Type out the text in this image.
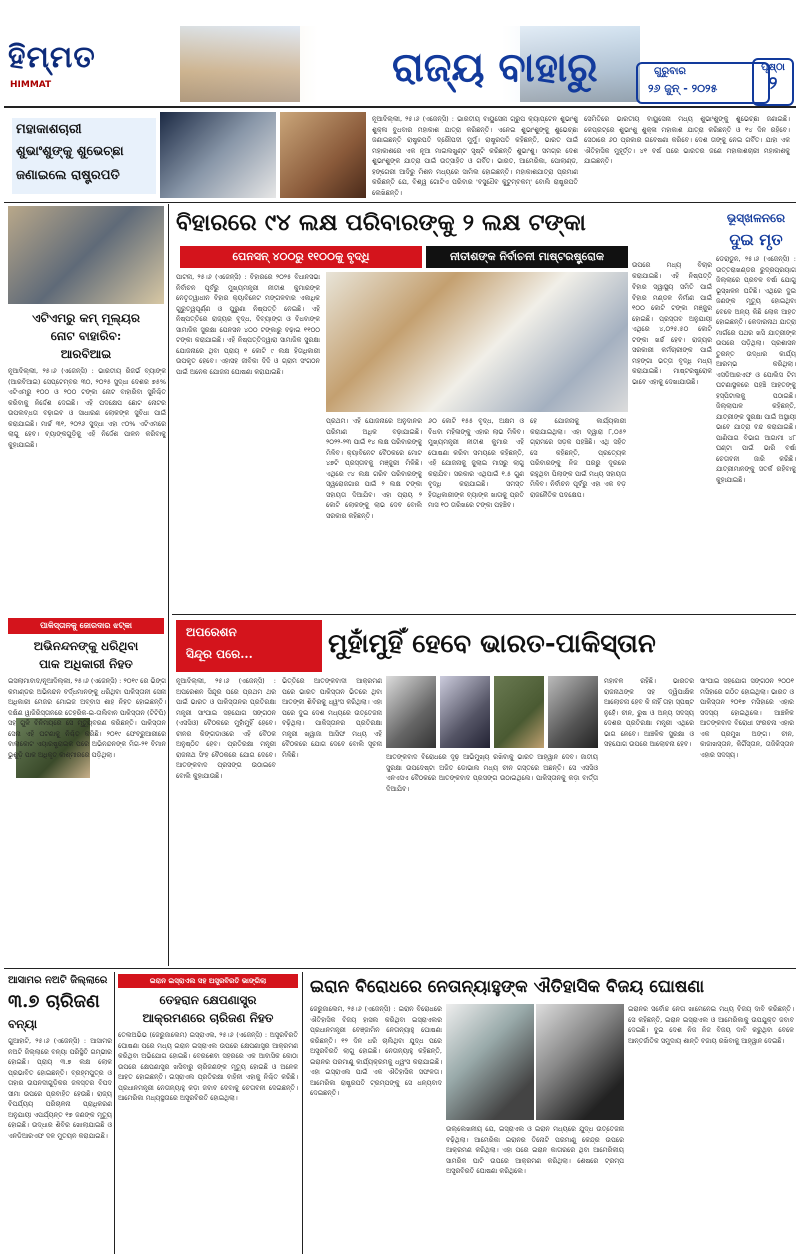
ହିମ୍ମତ
HIMMAT	ରାଜ୍ୟ ବାହାରୁ	ଗୁରୁବାର
୨୬ ଜୁନ୍ - ୨୦୨୫
ପୃଷ୍ଠା
୨
ମହାକାଶଚାରୀ
ଶୁଭାଂଶୁଙ୍କୁ ଶୁଭେଚ୍ଛା
ଜଣାଇଲେ ରାଷ୍ଟ୍ରପତି
ନୂଆଦିଲ୍ଲୀ, ୨୫।୬ (ଏଜେନ୍ସି) : ଭାରତୀୟ ବାୟୁସେନା ଗ୍ରୁପ କ୍ୟାପ୍ଟେନ ଶୁଭାଂଶୁ ଶୁକ୍ଳା ବୁଧବାର ମହାକାଶ ଯାତ୍ରା କରିଛନ୍ତି। ଏନେଇ ଶୁଭାଂଶୁଙ୍କୁ ଶୁଭେଚ୍ଛା ଜଣାଇଛନ୍ତି ରାଷ୍ଟ୍ରପତି ଦ୍ରୌପଦୀ ମୁର୍ମୁ। ରାଷ୍ଟ୍ରପତି କହିଛନ୍ତି, ଭାରତ ପାଇଁ ମହାକାଶରେ ଏକ ନୂଆ ମାଇଲଖୁଣ୍ଟ ସୃଷ୍ଟି କରିଛନ୍ତି ଶୁଭାଂଶୁ। ସମଗ୍ର ଦେଶ ଶୁଭାଂଶୁଙ୍କ ଯାତ୍ରା ପାଇଁ ଉତ୍ସାହିତ ଓ ଗର୍ବିତ। ଭାରତ, ଆମେରିକା, ପୋଲାଣ୍ଡ, ହଙ୍ଗେରୀ ଆଦିରୁ ମିଶନ ମଧ୍ୟରେ ସାମିଲ ହୋଇଛନ୍ତି। ମହାକାଶଯାତ୍ରା ପ୍ରମାଣ କରିଛନ୍ତି ଯେ, ବିଶ୍ୱ ଗୋଟିଏ ପରିବାର 'ବସୁଧୈବ କୁଟୁମ୍ବକମ୍' ବୋଲି ରାଷ୍ଟ୍ରପତି ଲେଖିଛନ୍ତି।
ସେମିତିରେ ଭାରତୀୟ ବାୟୁସେନା ମଧ୍ୟ ଶୁଭାଂଶୁଙ୍କୁ ଶୁଭେଚ୍ଛା ଜଣାଇଛି। କେପ୍ରଟ୍ରେ ଶୁଭାଂଶୁ ଶୁକ୍ଳା ମହାକାଶ ଯାତ୍ରା କରିଛନ୍ତି ଓ ୧୪ ଦିନ ରହିବେ। ସେଠାରେ ୬୦ ପ୍ରକାର ଗବେଷଣା କରିବେ। ଦେଶ ତାଙ୍କୁ ନେଇ ଗର୍ବିତ। ଯାହା ଏକ ଐତିହାସିକ ମୁହୂର୍ତ୍ତ। ୪୧ ବର୍ଷ ପରେ ଭାରତର ଜଣେ ମହାକାଶଚାରୀ ମହାକାଶକୁ ଯାଇଛନ୍ତି।
ଏଟିଏମରୁ କମ୍ ମୂଲ୍ୟର
ନୋଟ ବାହାରିବ:
ଆରବିଆଇ
ନୂଆଦିଲ୍ଲୀ, ୨୫।୬ (ଏଜେନ୍ସି) : ଭାରତୀୟ ରିଜର୍ଭ ବ୍ୟାଙ୍କ (ଆରବିଆଇ) ସେପ୍ଟେମ୍ବର ୩୦, ୨୦୨୫ ସୁଦ୍ଧା ଦେଶର ୭୫% ଏଟିଏମରୁ ୧୦୦ ଓ ୨୦୦ ଟଙ୍କା ନୋଟ ବାହାରିବା ସୁନିଶ୍ଚିତ କରିବାକୁ ନିର୍ଦ୍ଦେଶ ଦେଇଛି। ଏହି ପଦକ୍ଷେପ ଛୋଟ ନୋଟର ଉପଲବ୍ଧତା ବଢ଼ାଇବ ଓ ସାଧାରଣ ଲୋକଙ୍କ ସୁବିଧା ପାଇଁ କରାଯାଇଛି। ମାର୍ଚ୍ଚ ୩୧, ୨୦୨୬ ସୁଦ୍ଧା ଏହା ୯୦% ଏଟିଏମରେ ଲାଗୁ ହେବ। ବ୍ୟାଙ୍କଗୁଡ଼ିକୁ ଏହି ନିର୍ଦ୍ଦେଶ ପାଳନ କରିବାକୁ କୁହାଯାଇଛି।
ପାକିସ୍ତାନକୁ ଜୋରଦାର ଝଟ୍‌କା
ଅଭିନନ୍ଦନଙ୍କୁ ଧରିଥିବା
ପାକ ଅଧିକାରୀ ନିହତ
ଇସଲାମାବାଦ/ନୂଆଦିଲ୍ଲୀ, ୨୫।୬ (ଏଜେନ୍ସି) : ୨୦୧୯ ରେ ଭିଙ୍ଗ କମାଣ୍ଡର ଅଭିନନ୍ଦନ ବର୍ଦ୍ଧମାନଙ୍କୁ ଧରିଥିବା ପାକିସ୍ତାନୀ ସେନା ଅଧିକାରୀ ମେଜର ମୋଇଜ ଅବ୍ବାସ ଶାହ ନିହତ ହୋଇଛନ୍ତି। ଦକ୍ଷିଣ ୱାଜିରିସ୍ତାନରେ ତେହରିକ-ଇ-ତାଲିବାନ ପାକିସ୍ତାନ (ଟିଟିପି) ସହ ଗୁଳି ବିନିମୟରେ ସେ ମୃତ୍ୟୁବରଣ କରିଛନ୍ତି। ପାକିସ୍ତାନ ସେନା ଏହି ଘଟଣାକୁ ନିଶ୍ଚିତ କରିଛି। ୨୦୧୯ ଫେବ୍ରୁଆରୀରେ ବାଲାକୋଟ ଏୟାରଷ୍ଟ୍ରାଇକ ପରେ ଅଭିନନ୍ଦନଙ୍କ ମିଗ-୨୧ ବିମାନ ଭୁଶୁଡ଼ି ପାକ ଅଧିକୃତ କାଶ୍ମୀରରେ ପଡ଼ିଥିଲା।
ବିହାରରେ ୯୪ ଲକ୍ଷ ପରିବାରଙ୍କୁ ୨ ଲକ୍ଷ ଟଙ୍କା
ପେନସନ୍ ୪୦୦ରୁ ୧୧୦୦କୁ ବୃଦ୍ଧି	ନୀତୀଶଙ୍କ ନିର୍ବାଚନୀ ମାଷ୍ଟରଷ୍ଟ୍ରୋକ
ପାଟନା, ୨୫।୬ (ଏଜେନ୍ସି) : ବିହାରରେ ୨୦୨୫ ବିଧାନସଭା ନିର୍ବାଚନ ପୂର୍ବରୁ ମୁଖ୍ୟମନ୍ତ୍ରୀ ନୀତୀଶ କୁମାରଙ୍କ ନେତୃତ୍ୱାଧୀନ ବିହାର କ୍ୟାବିନେଟ ମଙ୍ଗଳବାର ଏକାଧିକ ଗୁରୁତ୍ୱପୂର୍ଣ୍ଣ ଓ ପୁରୁଣା ନିଷ୍ପତ୍ତି ନେଇଛି। ଏହି ନିଷ୍ପତ୍ତିରେ ରାଜ୍ୟର ବୃଦ୍ଧ, ଦିବ୍ୟାଙ୍ଗ ଓ ବିଧବାଙ୍କ ସାମାଜିକ ସୁରକ୍ଷା ପେନସନ ୪୦୦ ଟଙ୍କାରୁ ବଢ଼ାଇ ୧୧୦୦ ଟଙ୍କା କରାଯାଇଛି। ଏହି ନିଷ୍ପତ୍ତିଦ୍ୱାରା ସାମାଜିକ ସୁରକ୍ଷା ଯୋଜନାରେ ଥିବା ପ୍ରାୟ ୧ କୋଟି ୯ ଲକ୍ଷ ହିତାଧିକାରୀ ଉପକୃତ ହେବେ। ଏହାସହ ଜୀବିକା ଦିଦି ଓ ଗ୍ରାମ ସଂଗଠନ ପାଇଁ ଅନେକ ଯୋଜନା ଘୋଷଣା କରାଯାଇଛି।
ପ୍ରଥମ। ଏହି ଯୋଜନାରେ ଅନୁଦାନର ପରିମାଣ ଅଧିକ ବଢ଼ାଯାଇଛି। ୨୦୨୨-୨୩ ପାଇଁ ୧୪ ଲକ୍ଷ ପରିବାରଙ୍କୁ ମିଳିବ। କ୍ୟାବିନେଟ ବୈଠକରେ ମୋଟ ୪୭ଟି ପ୍ରସ୍ତାବକୁ ମଞ୍ଜୁରୀ ମିଳିଛି। ଏଥିରେ ୯୪ ଲକ୍ଷ ଗରିବ ପରିବାରଙ୍କୁ ସ୍ୱରୋଜଗାର ପାଇଁ ୨ ଲକ୍ଷ ଟଙ୍କା ସହାୟତା ଦିଆଯିବ। ଏହା ପ୍ରାୟ ୨ କୋଟି ଲୋକଙ୍କୁ ଲାଭ ଦେବ ବୋଲି ସରକାର କହିଛନ୍ତି।
୬୦ କୋଟି ୧୫୫ ବୃଦ୍ଧ, ଅକ୍ଷମ ଓ ବିଧବା ମହିଳାଙ୍କୁ ଏହାର ଲାଭ ମିଳିବ। ମୁଖ୍ୟମନ୍ତ୍ରୀ ନୀତୀଶ କୁମାର ଏହି ଘୋଷଣା କରିବା ସମୟରେ କହିଛନ୍ତି, ଏହି ଯୋଜନାକୁ ଜୁଲାଇ ମାସରୁ ଲାଗୁ କରାଯିବ। ସରକାର ଏଥିପାଇଁ ୧.୫ ଗୁଣ ବୃଦ୍ଧି କରାଯାଇଛି। ସମସ୍ତ ହିତାଧିକାରୀଙ୍କ ବ୍ୟାଙ୍କ ଖାତାକୁ ପ୍ରତି ମାସ ୧୦ ତାରିଖରେ ଟଙ୍କା ପହଞ୍ଚିବ।
ହେ ଯୋଜନାକୁ କାର୍ଯ୍ୟକାରୀ କରାଯାଇଥିଲା। ଏହା ଦ୍ୱାରା ୮,୦୫୨ ଗ୍ରାମରେ ସଡ଼କ ପହଞ୍ଚିଛି। ଏଥି ସହିତ ସେ କହିଛନ୍ତି, ପ୍ରତ୍ୟେକ ପରିବାରଙ୍କୁ ନିଜ ଘରରୁ ଦୂରରେ ରହୁଥିବା ପିଲାଙ୍କ ପାଇଁ ମଧ୍ୟ ସହାୟତା ମିଳିବ। ନିର୍ବାଚନ ପୂର୍ବରୁ ଏହା ଏକ ବଡ଼ ରାଜନୈତିକ ପଦକ୍ଷେପ।
ବିହାର ସ୍ୱାସ୍ଥ୍ୟ ସମିତି ପାଇଁ ବିହାର ମଣ୍ଡଳ ନିର୍ମାଣ ପାଇଁ ୧୦୦ କୋଟି ଟଙ୍କା ମଞ୍ଜୁର ହୋଇଛି। ପ୍ରସ୍ତାବ ଅନୁଯାୟୀ ଏଥିରେ ୪,୦୨୫.୫୦ କୋଟି ଟଙ୍କା ଖର୍ଚ୍ଚ ହେବ। ରାଜ୍ୟର ସରକାରୀ କର୍ମଚାରୀଙ୍କ ପାଇଁ ମହଙ୍ଗା ଭତ୍ତା ବୃଦ୍ଧି ମଧ୍ୟ କରାଯାଇଛି। ମାଷ୍ଟରଷ୍ଟ୍ରୋକ ଭାବେ ଏହାକୁ ଦେଖାଯାଉଛି।
ଭୂସ୍ଖଳନରେ
ଦୁଇ ମୃତ
ଡେରାଡୁନ, ୨୫।୬ (ଏଜେନ୍ସି) : ଉତ୍ତରାଖଣ୍ଡର ରୁଦ୍ରପ୍ରୟାଗ ଜିଲ୍ଲାରେ ପ୍ରବଳ ବର୍ଷା ଯୋଗୁ ଭୂସ୍ଖଳନ ଘଟିଛି। ଏଥିରେ ଦୁଇ ଜଣଙ୍କ ମୃତ୍ୟୁ ହୋଇଥିବା ବେଳେ ଅନ୍ୟ କିଛି ଲୋକ ଆହତ ହୋଇଛନ୍ତି। କେଦାରନାଥ ଯାତ୍ରା ମାର୍ଗରେ ପଥର ଖସି ଯାତ୍ରୀଙ୍କ ଉପରେ ପଡ଼ିଥିଲା। ପ୍ରଶାସନ ତୁରନ୍ତ ଉଦ୍ଧାର କାର୍ଯ୍ୟ ଆରମ୍ଭ କରିଥିଲା। ଏସଡିଆରଏଫ ଓ ପୋଲିସ ଟିମ ଘଟଣାସ୍ଥଳରେ ପହଞ୍ଚି ଆହତଙ୍କୁ ହସ୍ପିଟାଲକୁ ପଠାଇଛି। ଜିଲ୍ଲାପାଳ କହିଛନ୍ତି, ଯାତ୍ରୀଙ୍କ ସୁରକ୍ଷା ପାଇଁ ଅସ୍ଥାୟୀ ଭାବେ ଯାତ୍ରା ବନ୍ଦ କରାଯାଇଛି। ପାଣିପାଗ ବିଭାଗ ଆଗାମୀ ୪୮ ଘଣ୍ଟା ପାଇଁ ଭାରି ବର୍ଷା ଚେତାବନୀ ଜାରି କରିଛି। ଯାତ୍ରୀମାନଙ୍କୁ ସତର୍କ ରହିବାକୁ କୁହାଯାଇଛି।
ଉପରେ ମଧ୍ୟ ବିଚାର କରାଯାଇଛି। ଏହି ନିଷ୍ପତ୍ତି
ଅପରେଶନ
ସିନ୍ଦୂର ପରେ...	ମୁହାଁମୁହିଁ ହେବେ ଭାରତ-ପାକିସ୍ତାନ
ନୂଆଦିଲ୍ଲୀ, ୨୫।୬ (ଏଜେନ୍ସି) : ଅପରେଶନ ସିନ୍ଦୂର ପରେ ପ୍ରଥମ ଥର ପାଇଁ ଭାରତ ଓ ପାକିସ୍ତାନର ପ୍ରତିରକ୍ଷା ମନ୍ତ୍ରୀ ସାଂଘାଇ ସହଯୋଗ ସଙ୍ଗଠନ (ଏସସିଓ) ବୈଠକରେ ମୁହାଁମୁହିଁ ହେବେ। ଚୀନର କିଙ୍ଗଡାଓରେ ଏହି ବୈଠକ ଅନୁଷ୍ଠିତ ହେବ। ପ୍ରତିରକ୍ଷା ମନ୍ତ୍ରୀ ରାଜନାଥ ସିଂହ ବୈଠକରେ ଯୋଗ ଦେବେ। ଆତଙ୍କବାଦ ପ୍ରସଙ୍ଗ ଉଠାଇବେ ବୋଲି କୁହାଯାଉଛି।
ଭିତ୍ତିରେ ଆତଙ୍କବାଦୀ ଆକ୍ରମଣ ପରେ ଭାରତ ପାକିସ୍ତାନ ଭିତରେ ଥିବା ଆତଙ୍କୀ ଶିବିରକୁ ଧ୍ୱଂସ କରିଥିଲା। ଏହା ପରେ ଦୁଇ ଦେଶ ମଧ୍ୟରେ ଉତ୍ତେଜନା ବଢ଼ିଥିଲା। ପାକିସ୍ତାନର ପ୍ରତିରକ୍ଷା ମନ୍ତ୍ରୀ ଖ୍ୱାଜା ଆସିଫ ମଧ୍ୟ ଏହି ବୈଠକରେ ଯୋଗ ଦେବେ ବୋଲି ସୂଚନା ମିଳିଛି।	ଆତଙ୍କବାଦ ବିରୋଧରେ ଦୃଢ଼ ଆଭିମୁଖ୍ୟ ରଖିବାକୁ ଭାରତ ଆହ୍ୱାନ ଦେବ। ଜାତୀୟ ସୁରକ୍ଷା ଉପଦେଷ୍ଟା ଅଜିତ ଡୋଭାଲ ମଧ୍ୟ ଚୀନ ଗସ୍ତରେ ଅଛନ୍ତି। ସେ ଏସସିଓ ଏନଏସଏ ବୈଠକରେ ଆତଙ୍କବାଦ ପ୍ରସଙ୍ଗ ଉଠାଇଥିଲେ। ପାକିସ୍ତାନକୁ କଡ଼ା ବାର୍ତ୍ତା ଦିଆଯିବ।
ମହାବଳ ରହିଛି। ଭାରତର ରାଜନାଥଙ୍କ ସହ ଦ୍ୱିପାକ୍ଷିକ ଆଲୋଚନା ହେବ କି ନାହିଁ ତାହା ସ୍ପଷ୍ଟ ନୁହେଁ। ଚୀନ, ରୁଷ ଓ ଅନ୍ୟ ସଦସ୍ୟ ଦେଶର ପ୍ରତିରକ୍ଷା ମନ୍ତ୍ରୀ ଏଥିରେ ଭାଗ ନେବେ। ଆଞ୍ଚଳିକ ସୁରକ୍ଷା ଓ ସହଯୋଗ ଉପରେ ଆଲୋଚନା ହେବ।
ସାଂଘାଇ ସହଯୋଗ ସଙ୍ଗଠନ ୨୦୦୧ ମସିହାରେ ଗଠିତ ହୋଇଥିଲା। ଭାରତ ଓ ପାକିସ୍ତାନ ୨୦୧୭ ମସିହାରେ ଏହାର ସଦସ୍ୟ ହୋଇଥିଲେ। ଆଞ୍ଚଳିକ ଆତଙ୍କବାଦ ବିରୋଧୀ ସଂରଚନା ଏହାର ଏକ ପ୍ରମୁଖ ଅଙ୍ଗ। ଚୀନ, କାଜାଖସ୍ତାନ, କିର୍ଗିସ୍ତାନ, ତାଜିକିସ୍ତାନ ଏହାର ସଦସ୍ୟ।
ଆସାମର ନଅଟି ଜିଲ୍ଲାରେ
୩.୭ ଚାରିଜଣ
ବନ୍ୟା
ଗୁଆହାଟି, ୨୫।୬ (ଏଜେନ୍ସି) : ଆସାମର ନଅଟି ଜିଲ୍ଲାରେ ବନ୍ୟା ପରିସ୍ଥିତି ଗମ୍ଭୀର ହୋଇଛି। ପ୍ରାୟ ୩.୭ ଲକ୍ଷ ଲୋକ ପ୍ରଭାବିତ ହୋଇଛନ୍ତି। ବ୍ରହ୍ମପୁତ୍ର ଓ ତାହାର ଉପନଦୀଗୁଡ଼ିକର ଜଳସ୍ତର ବିପଦ ସୀମା ଉପରେ ପ୍ରବାହିତ ହେଉଛି। ରାଜ୍ୟ ବିପର୍ଯ୍ୟୟ ପରିଚାଳନା ପ୍ରାଧିକରଣ ଅନୁଯାୟୀ ଏପର୍ଯ୍ୟନ୍ତ ୧୭ ଜଣଙ୍କ ମୃତ୍ୟୁ ହୋଇଛି। ଉଦ୍ଧାର ଶିବିର ଖୋଲାଯାଇଛି ଓ ଏନଡିଆରଏଫ ଦଳ ମୁତୟନ କରାଯାଇଛି।
ଇରାନ ଇସ୍ରାଏଲ ସହ ଅସ୍ତ୍ରବିରତି ଭାଙ୍ଗିଲା
ତେହରାନ କ୍ଷେପଣାସ୍ତ୍ର
ଆକ୍ରମଣରେ ଚାରିଜଣ ନିହତ
ତେଲଅଭିଭ (ଜେରୁଜାଲେମ) ଇସ୍ରାଏଲ, ୨୫।୬ (ଏଜେନ୍ସି) : ଅସ୍ତ୍ରବିରତି ଘୋଷଣା ପରେ ମଧ୍ୟ ଇରାନ ଇସ୍ରାଏଲ ଉପରେ କ୍ଷେପଣାସ୍ତ୍ର ଆକ୍ରମଣ କରିଥିବା ଅଭିଯୋଗ ହୋଇଛି। ବେରଶେବା ସହରରେ ଏକ ଆବାସିକ କୋଠା ଉପରେ କ୍ଷେପଣାସ୍ତ୍ର ଖସିବାରୁ ଚାରିଜଣଙ୍କ ମୃତ୍ୟୁ ହୋଇଛି ଓ ଅନେକ ଆହତ ହୋଇଛନ୍ତି। ଇସ୍ରାଏଲ ପ୍ରତିରକ୍ଷା ବାହିନୀ ଏହାକୁ ନିଶ୍ଚିତ କରିଛି। ପ୍ରଧାନମନ୍ତ୍ରୀ ନେତାନ୍ୟାହୁ କଡ଼ା ଜବାବ ଦେବାକୁ ଚେତାବନୀ ଦେଇଛନ୍ତି। ଆମେରିକା ମଧ୍ୟସ୍ଥତାରେ ଅସ୍ତ୍ରବିରତି ହୋଇଥିଲା।
ଇରାନ ବିରୋଧରେ ନେତାନ୍ୟାହୁଙ୍କ ଐତିହାସିକ ବିଜୟ ଘୋଷଣା
ଜେରୁଜାଲେମ, ୨୫।୬ (ଏଜେନ୍ସି) : ଇରାନ ବିରୋଧରେ ଐତିହାସିକ ବିଜୟ ହାସଲ କରିଥିବା ଇସ୍ରାଏଲର ପ୍ରଧାନମନ୍ତ୍ରୀ ବେଞ୍ଜାମିନ ନେତାନ୍ୟାହୁ ଘୋଷଣା କରିଛନ୍ତି। ୧୨ ଦିନ ଧରି ଚାଲିଥିବା ଯୁଦ୍ଧ ପରେ ଅସ୍ତ୍ରବିରତି ଲାଗୁ ହୋଇଛି। ନେତାନ୍ୟାହୁ କହିଛନ୍ତି, ଇରାନର ପରମାଣୁ କାର୍ଯ୍ୟକ୍ରମକୁ ଧ୍ୱଂସ କରାଯାଇଛି। ଏହା ଇସ୍ରାଏଲ ପାଇଁ ଏକ ଐତିହାସିକ ସଫଳତା। ଆମେରିକା ରାଷ୍ଟ୍ରପତି ଟ୍ରମ୍ପଙ୍କୁ ସେ ଧନ୍ୟବାଦ ଦେଇଛନ୍ତି।
ଉଲ୍ଲେଖନୀୟ ଯେ, ଇସ୍ରାଏଲ ଓ ଇରାନ ମଧ୍ୟରେ ଯୁଦ୍ଧ ଉତ୍ତେଜନା ବଢ଼ିଥିଲା। ଆମେରିକା ଇରାନର ତିନୋଟି ପରମାଣୁ କେନ୍ଦ୍ର ଉପରେ ଆକ୍ରମଣ କରିଥିଲା। ଏହା ପରେ ଇରାନ କାତାରରେ ଥିବା ଆମେରିକୀୟ ସାମରିକ ଘାଟି ଉପରେ ଆକ୍ରମଣ କରିଥିଲା। ଶେଷରେ ଟ୍ରମ୍ପ ଅସ୍ତ୍ରବିରତି ଘୋଷଣା କରିଥିଲେ।
ଇରାନର ସର୍ବୋଚ୍ଚ ନେତା ଖାମେନେଇ ମଧ୍ୟ ବିଜୟ ଦାବି କରିଛନ୍ତି। ସେ କହିଛନ୍ତି, ଇରାନ ଇସ୍ରାଏଲ ଓ ଆମେରିକାକୁ ଉପଯୁକ୍ତ ଜବାବ ଦେଇଛି। ଦୁଇ ଦେଶ ନିଜ ନିଜ ବିଜୟ ଦାବି କରୁଥିବା ବେଳେ ଆନ୍ତର୍ଜାତିକ ସମୁଦାୟ ଶାନ୍ତି ବଜାୟ ରଖିବାକୁ ଆହ୍ୱାନ ଦେଇଛି।
